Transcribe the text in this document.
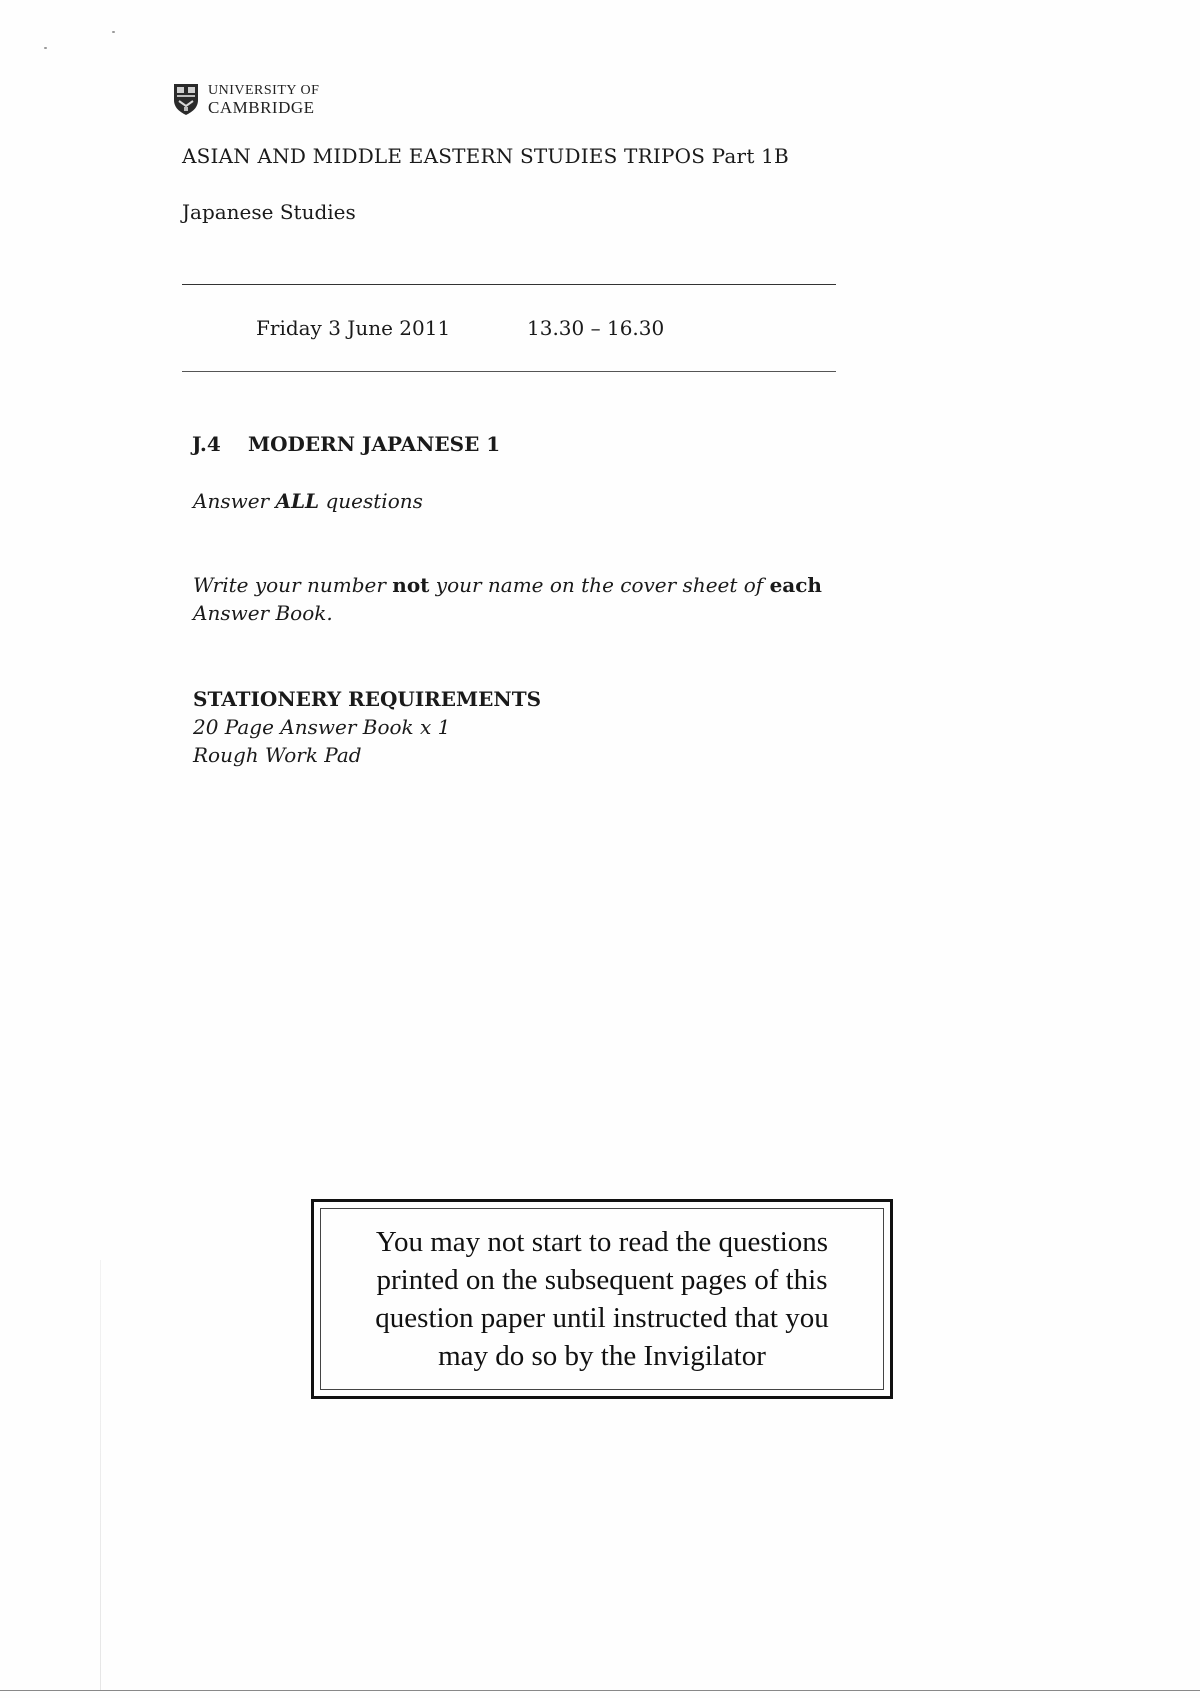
UNIVERSITY OF
CAMBRIDGE
ASIAN AND MIDDLE EASTERN STUDIES TRIPOS Part 1B
Japanese Studies
Friday 3 June 2011	13.30 – 16.30
J.4 MODERN JAPANESE 1
Answer ALL questions
Write your number not your name on the cover sheet of each
Answer Book.
STATIONERY REQUIREMENTS
20 Page Answer Book x 1
Rough Work Pad
You may not start to read the questions
printed on the subsequent pages of this
question paper until instructed that you
may do so by the Invigilator
